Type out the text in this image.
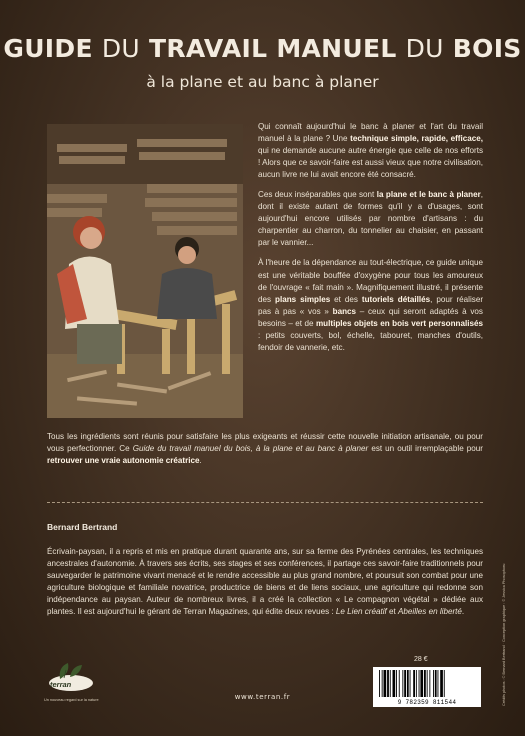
GUIDE DU TRAVAIL MANUEL DU BOIS
à la plane et au banc à planer

Qui connaît aujourd'hui le banc à planer et l'art du travail manuel à la plane ? Une technique simple, rapide, efficace, qui ne demande aucune autre énergie que celle de nos efforts ! Alors que ce savoir-faire est aussi vieux que notre civilisation, aucun livre ne lui avait encore été consacré.

Ces deux inséparables que sont la plane et le banc à planer, dont il existe autant de formes qu'il y a d'usages, sont aujourd'hui encore utilisés par nombre d'artisans : du charpentier au charron, du tonnelier au chaisier, en passant par le vannier...

À l'heure de la dépendance au tout-électrique, ce guide unique est une véritable bouffée d'oxygène pour tous les amoureux de l'ouvrage « fait main ». Magnifiquement illustré, il présente des plans simples et des tutoriels détaillés, pour réaliser pas à pas « vos » bancs – ceux qui seront adaptés à vos besoins – et de multiples objets en bois vert personnalisés : petits couverts, bol, échelle, tabouret, manches d'outils, fendoir de vannerie, etc.

Tous les ingrédients sont réunis pour satisfaire les plus exigeants et réussir cette nouvelle initiation artisanale, ou pour vous perfectionner. Ce Guide du travail manuel du bois, à la plane et au banc à planer est un outil irremplaçable pour retrouver une vraie autonomie créatrice.

Bernard Bertrand

Écrivain-paysan, il a repris et mis en pratique durant quarante ans, sur sa ferme des Pyrénées centrales, les techniques ancestrales d'autonomie. À travers ses écrits, ses stages et ses conférences, il partage ces savoir-faire traditionnels pour sauvegarder le patrimoine vivant menacé et le rendre accessible au plus grand nombre, et poursuit son combat pour une agriculture biologique et familiale novatrice, productrice de biens et de liens sociaux, une agriculture qui redonne son indépendance au paysan. Auteur de nombreux livres, il a créé la collection « Le compagnon végétal » dédiée aux plantes. Il est aujourd'hui le gérant de Terran Magazines, qui édite deux revues : Le Lien créatif et Abeilles en liberté.

terran
Un nouveau regard sur la nature	www.terran.fr
28 €
9 782359 811544	Crédits photos : © Bernard Bertrand · Conception graphique : © Jessica Phosophoru
